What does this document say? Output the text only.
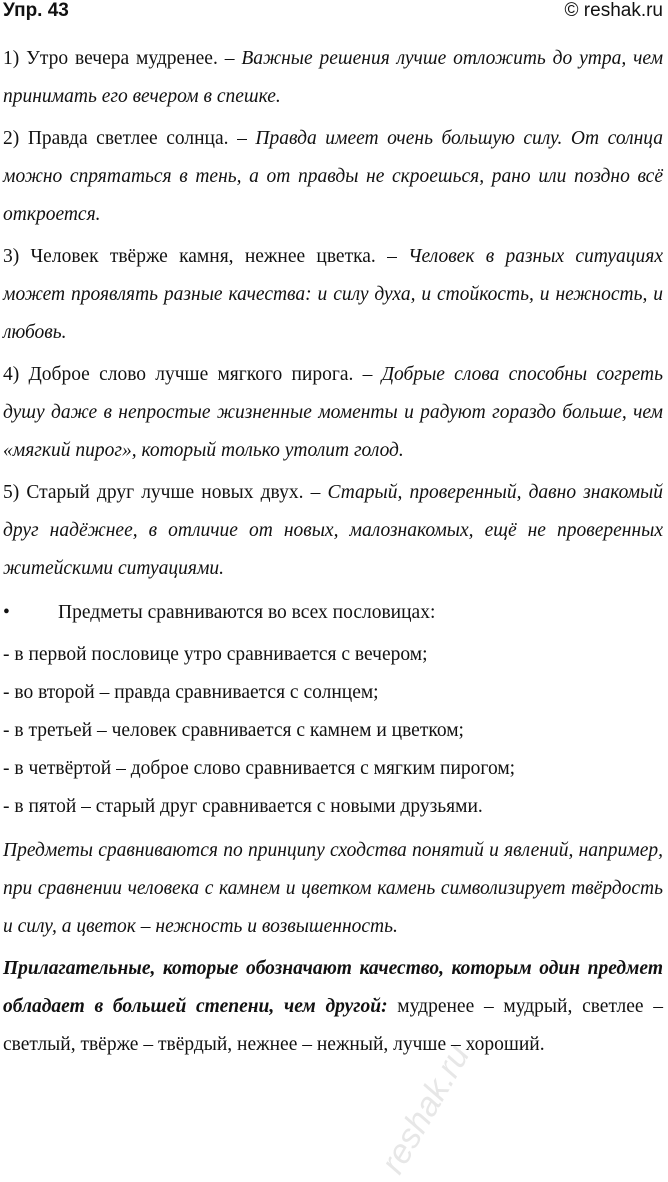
reshak.ru
Упр. 43	© reshak.ru

1) Утро вечера мудренее. – Важные решения лучше отложить до утра, чем принимать его вечером в спешке.

2) Правда светлее солнца. – Правда имеет очень большую силу. От солнца можно спрятаться в тень, а от правды не скроешься, рано или поздно всё откроется.

3) Человек твёрже камня, нежнее цветка. – Человек в разных ситуациях может проявлять разные качества: и силу духа, и стойкость, и нежность, и любовь.

4) Доброе слово лучше мягкого пирога. – Добрые слова способны согреть душу даже в непростые жизненные моменты и радуют гораздо больше, чем «мягкий пирог», который только утолит голод.

5) Старый друг лучше новых двух. – Старый, проверенный, давно знакомый друг надёжнее, в отличие от новых, малознакомых, ещё не проверенных житейскими ситуациями.

• Предметы сравниваются во всех пословицах:
- в первой пословице утро сравнивается с вечером;
- во второй – правда сравнивается с солнцем;
- в третьей – человек сравнивается с камнем и цветком;
- в четвёртой – доброе слово сравнивается с мягким пирогом;
- в пятой – старый друг сравнивается с новыми друзьями.

Предметы сравниваются по принципу сходства понятий и явлений, например, при сравнении человека с камнем и цветком камень символизирует твёрдость и силу, а цветок – нежность и возвышенность.

Прилагательные, которые обозначают качество, которым один предмет обладает в большей степени, чем другой: мудренее – мудрый, светлее – светлый, твёрже – твёрдый, нежнее – нежный, лучше – хороший.
